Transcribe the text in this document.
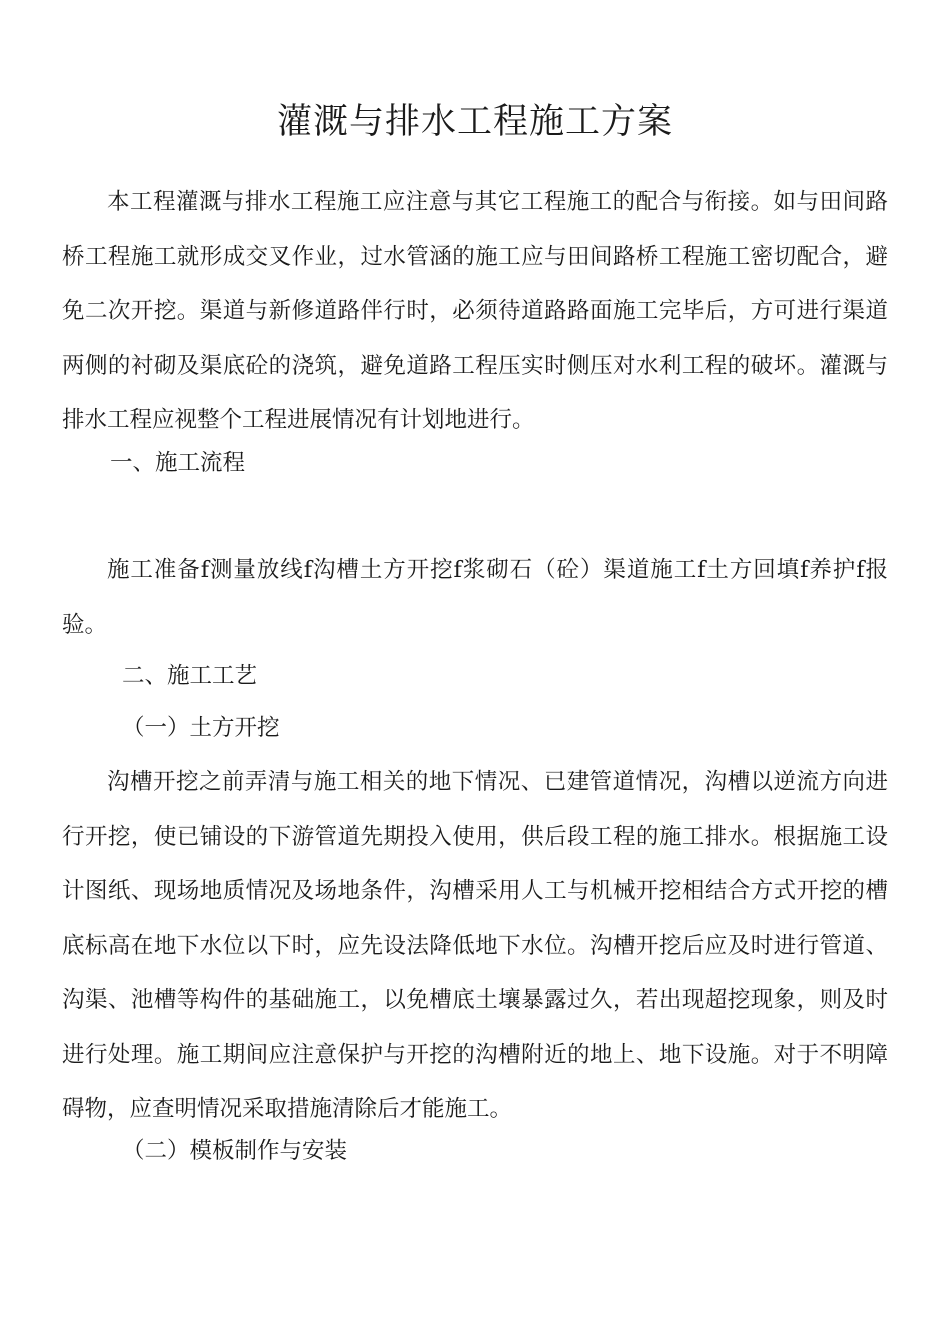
灌溉与排水工程施工方案

本工程灌溉与排水工程施工应注意与其它工程施工的配合与衔接。如与田间路桥工程施工就形成交叉作业，过水管涵的施工应与田间路桥工程施工密切配合，避免二次开挖。渠道与新修道路伴行时，必须待道路路面施工完毕后，方可进行渠道两侧的衬砌及渠底砼的浇筑，避免道路工程压实时侧压对水利工程的破坏。灌溉与排水工程应视整个工程进展情况有计划地进行。

一、施工流程

施工准备f测量放线f沟槽土方开挖f浆砌石（砼）渠道施工f土方回填f养护f报验。

二、施工工艺

（一）土方开挖

沟槽开挖之前弄清与施工相关的地下情况、已建管道情况，沟槽以逆流方向进行开挖，使已铺设的下游管道先期投入使用，供后段工程的施工排水。根据施工设计图纸、现场地质情况及场地条件，沟槽采用人工与机械开挖相结合方式开挖的槽底标高在地下水位以下时，应先设法降低地下水位。沟槽开挖后应及时进行管道、沟渠、池槽等构件的基础施工，以免槽底土壤暴露过久，若出现超挖现象，则及时进行处理。施工期间应注意保护与开挖的沟槽附近的地上、地下设施。对于不明障碍物，应查明情况采取措施清除后才能施工。

（二）模板制作与安装
